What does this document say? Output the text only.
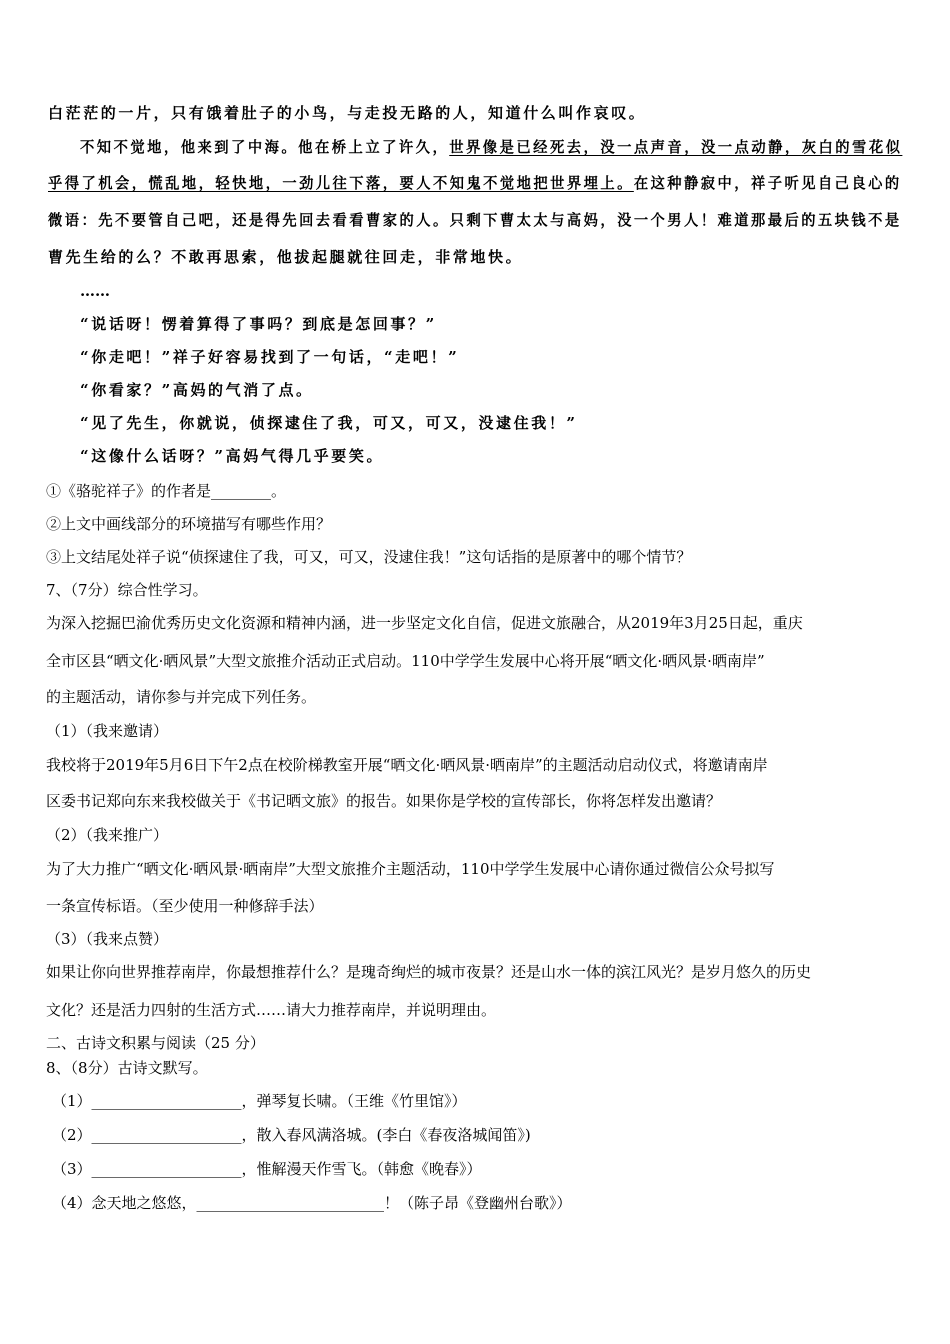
白茫茫的一片，只有饿着肚子的小鸟，与走投无路的人，知道什么叫作哀叹。
不知不觉地，他来到了中海。他在桥上立了许久，世界像是已经死去，没一点声音，没一点动静，灰白的雪花似
乎得了机会，慌乱地，轻快地，一劲儿往下落，要人不知鬼不觉地把世界埋上。在这种静寂中，祥子听见自己良心的
微语：先不要管自己吧，还是得先回去看看曹家的人。只剩下曹太太与高妈，没一个男人！难道那最后的五块钱不是
曹先生给的么？不敢再思索，他拔起腿就往回走，非常地快。
……
“说话呀！愣着算得了事吗？到底是怎回事？”
“你走吧！”祥子好容易找到了一句话，“走吧！”
“你看家？”高妈的气消了点。
“见了先生，你就说，侦探逮住了我，可又，可又，没逮住我！”
“这像什么话呀？”高妈气得几乎要笑。
①《骆驼祥子》的作者是________。
②上文中画线部分的环境描写有哪些作用？
③上文结尾处祥子说“侦探逮住了我，可又，可又，没逮住我！”这句话指的是原著中的哪个情节？
7、（7分）综合性学习。
为深入挖掘巴渝优秀历史文化资源和精神内涵，进一步坚定文化自信，促进文旅融合，从2019年3月25日起，重庆
全市区县“晒文化·晒风景”大型文旅推介活动正式启动。110中学学生发展中心将开展“晒文化·晒风景·晒南岸”
的主题活动，请你参与并完成下列任务。
（1）（我来邀请）
我校将于2019年5月6日下午2点在校阶梯教室开展“晒文化·晒风景·晒南岸”的主题活动启动仪式，将邀请南岸
区委书记郑向东来我校做关于《书记晒文旅》的报告。如果你是学校的宣传部长，你将怎样发出邀请？
（2）（我来推广）
为了大力推广“晒文化·晒风景·晒南岸”大型文旅推介主题活动，110中学学生发展中心请你通过微信公众号拟写
一条宣传标语。（至少使用一种修辞手法）
（3）（我来点赞）
如果让你向世界推荐南岸，你最想推荐什么？是瑰奇绚烂的城市夜景？还是山水一体的滨江风光？是岁月悠久的历史
文化？还是活力四射的生活方式……请大力推荐南岸，并说明理由。
二、古诗文积累与阅读（25 分）
8、（8分）古诗文默写。
（1）____________________，弹琴复长啸。（王维《竹里馆》）
（2）____________________，散入春风满洛城。(李白《春夜洛城闻笛》)
（3）____________________，惟解漫天作雪飞。（韩愈《晚春》）
（4）念天地之悠悠，_________________________！（陈子昂《登幽州台歌》）
